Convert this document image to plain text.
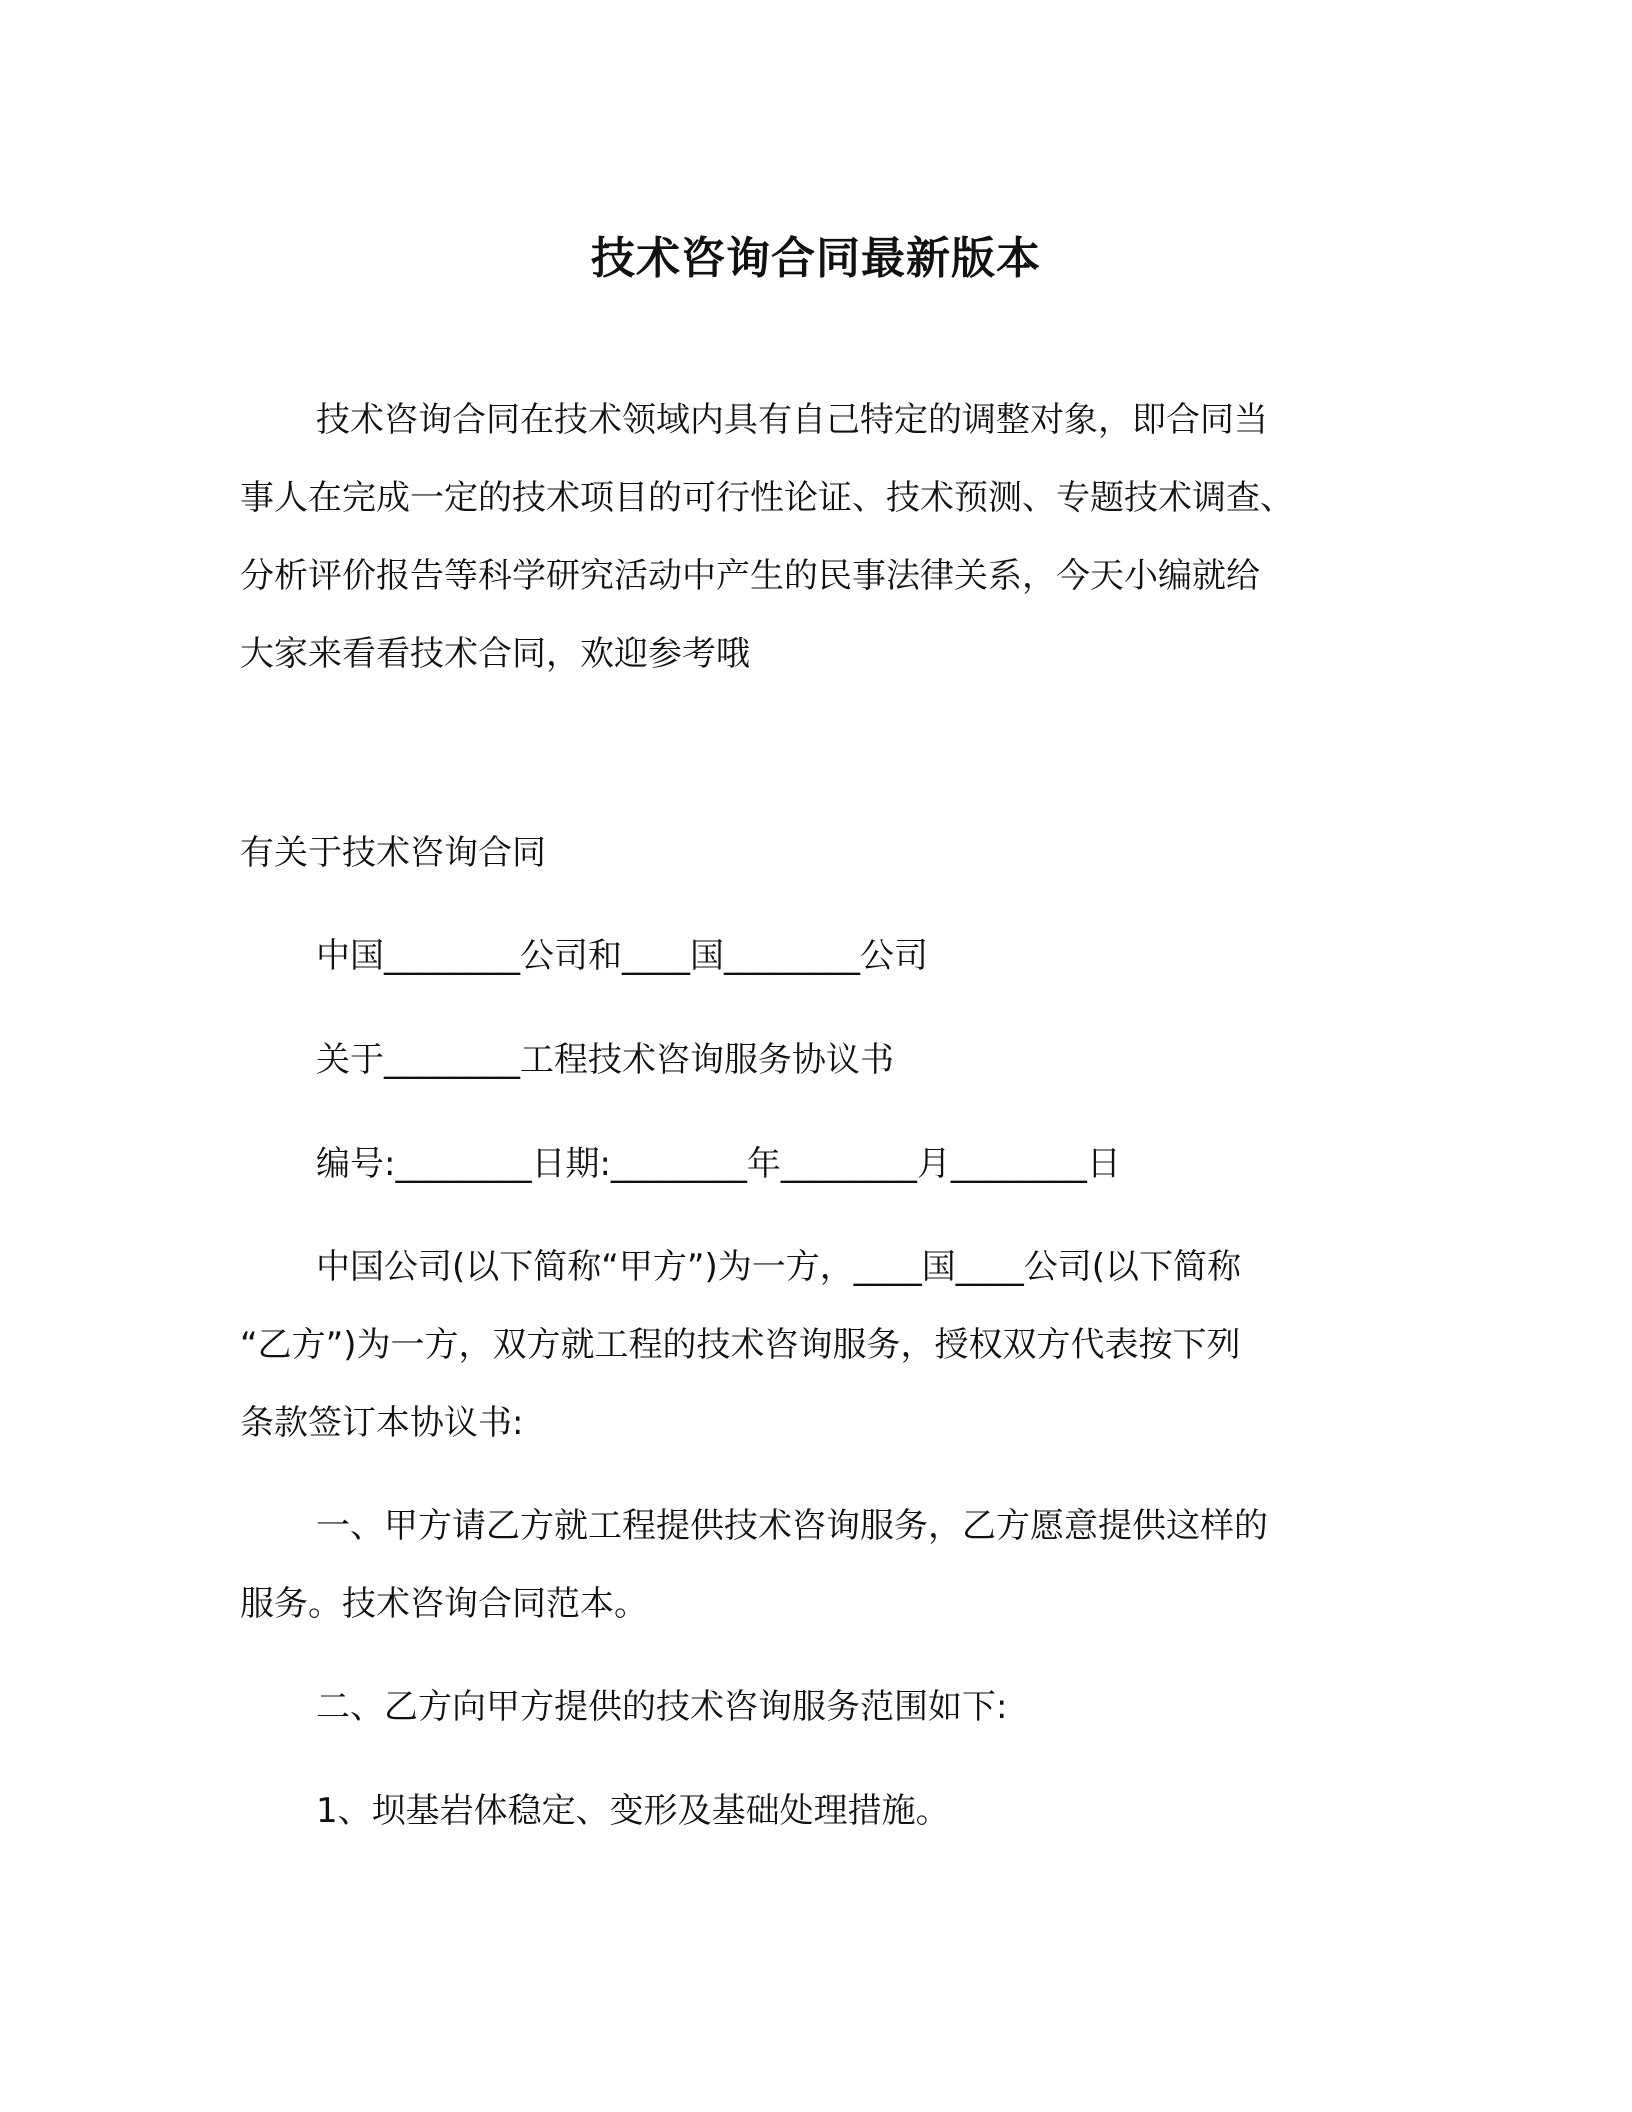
技术咨询合同最新版本
技术咨询合同在技术领域内具有自己特定的调整对象，即合同当
事人在完成一定的技术项目的可行性论证、技术预测、专题技术调查、
分析评价报告等科学研究活动中产生的民事法律关系，今天小编就给
大家来看看技术合同，欢迎参考哦
有关于技术咨询合同
中国________公司和____国________公司
关于________工程技术咨询服务协议书
编号:________日期:________年________月________日
中国公司(以下简称“甲方”)为一方，____国____公司(以下简称
“乙方”)为一方，双方就工程的技术咨询服务，授权双方代表按下列
条款签订本协议书:
一、甲方请乙方就工程提供技术咨询服务，乙方愿意提供这样的
服务。技术咨询合同范本。
二、乙方向甲方提供的技术咨询服务范围如下:
1、坝基岩体稳定、变形及基础处理措施。
